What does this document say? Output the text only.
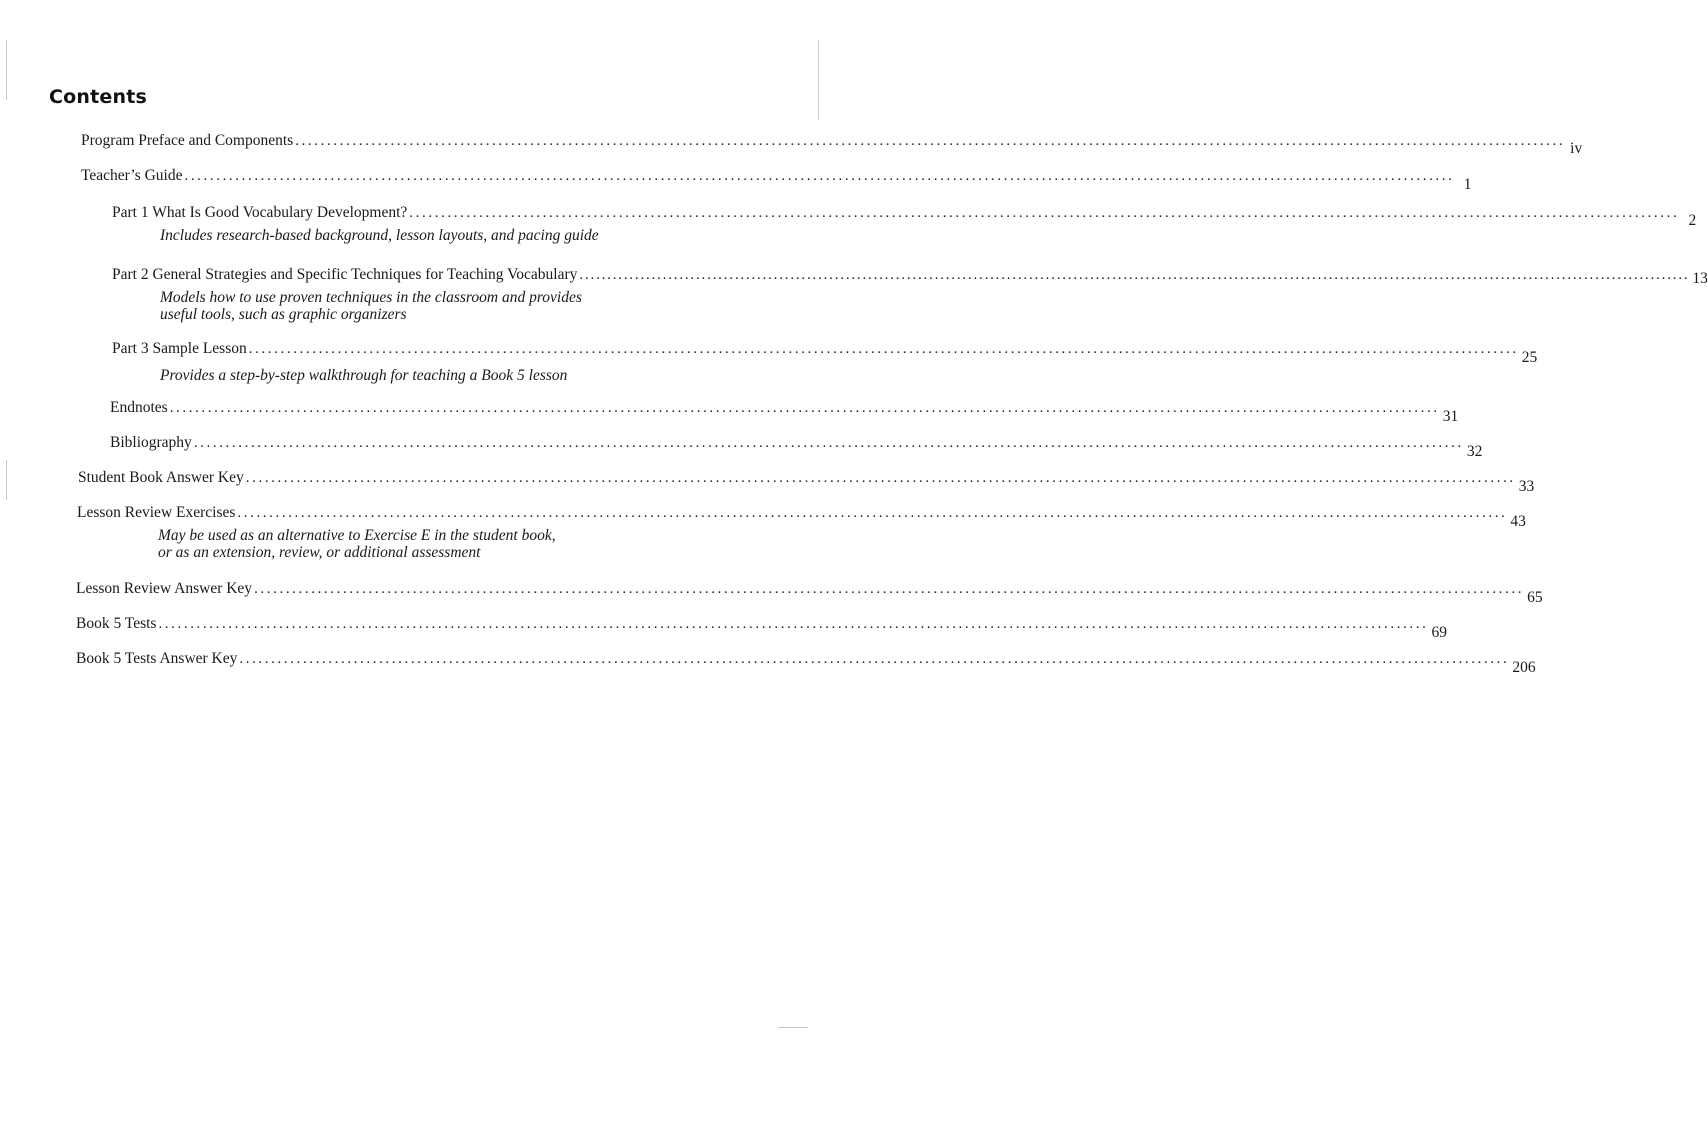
Contents
Program Preface and Components ........................................................................................................................................................................................................ iv
Teacher’s Guide ........................................................................................................................................................................................................ 1
Part 1 What Is Good Vocabulary Development? ........................................................................................................................................................................................................ 2
Includes research-based background, lesson layouts, and pacing guide
Part 2 General Strategies and Specific Techniques for Teaching Vocabulary ........................................................................................................................................................................................................ 13
Models how to use proven techniques in the classroom and provides
useful tools, such as graphic organizers
Part 3 Sample Lesson ........................................................................................................................................................................................................ 25
Provides a step-by-step walkthrough for teaching a Book 5 lesson
Endnotes ........................................................................................................................................................................................................ 31
Bibliography ........................................................................................................................................................................................................ 32
Student Book Answer Key ........................................................................................................................................................................................................ 33
Lesson Review Exercises ........................................................................................................................................................................................................ 43
May be used as an alternative to Exercise E in the student book,
or as an extension, review, or additional assessment
Lesson Review Answer Key ........................................................................................................................................................................................................ 65
Book 5 Tests ........................................................................................................................................................................................................ 69
Book 5 Tests Answer Key ........................................................................................................................................................................................................ 206
